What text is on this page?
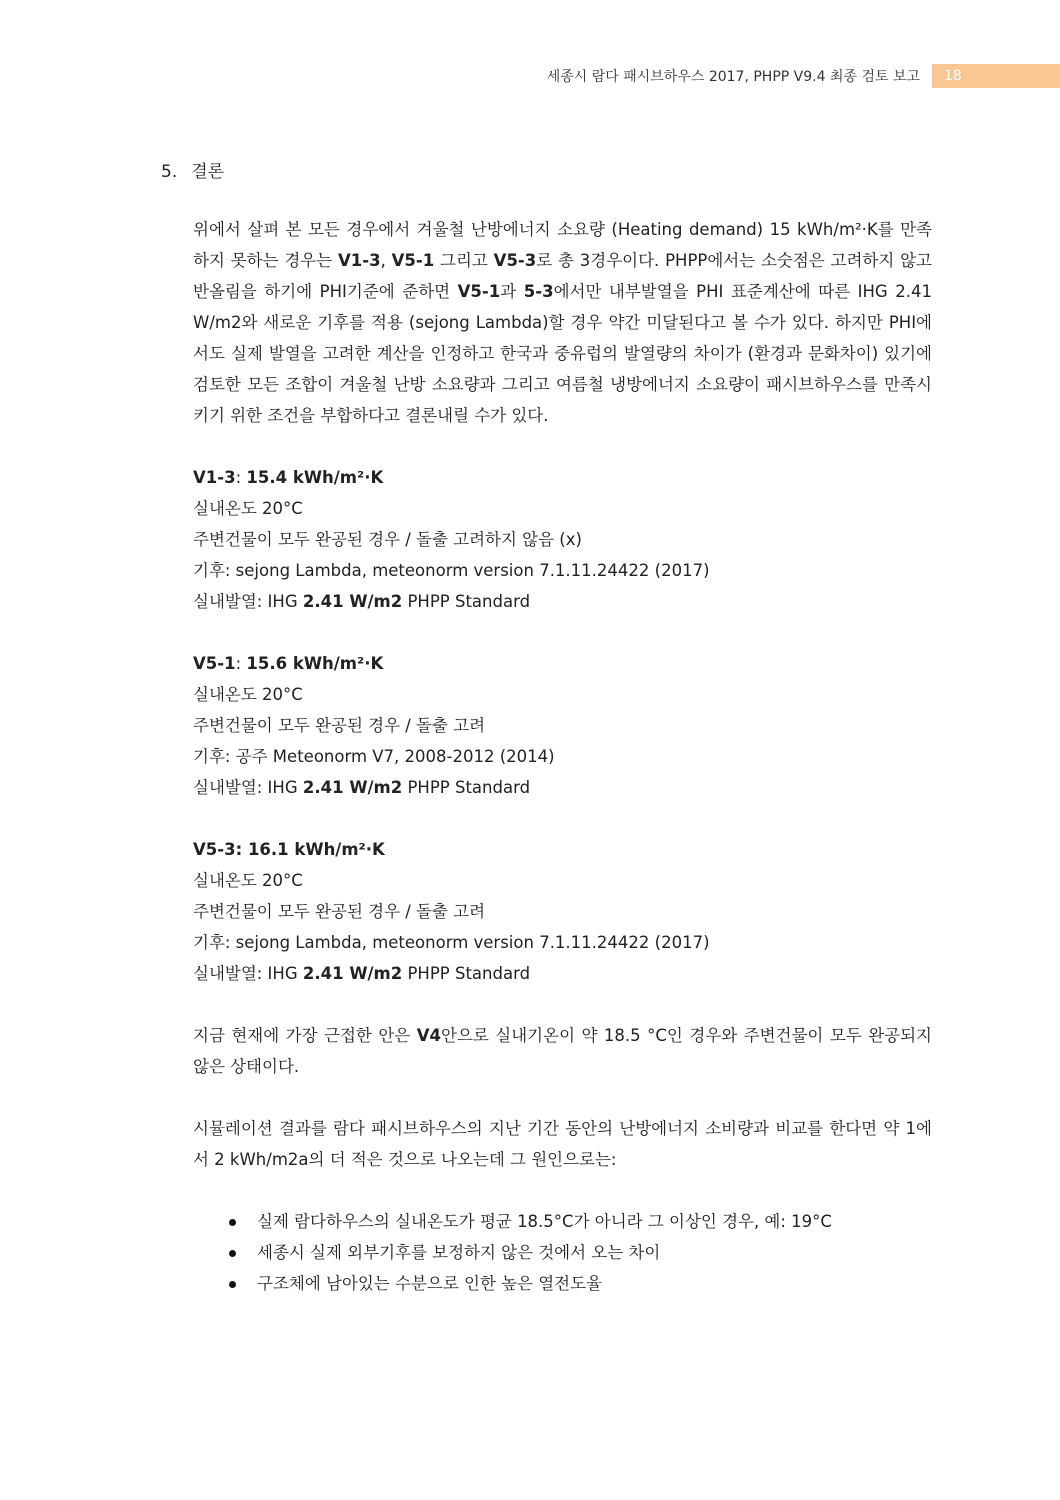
세종시 람다 패시브하우스 2017, PHPP V9.4 최종 검토 보고	18
5. 결론

위에서 살펴 본 모든 경우에서 겨울철 난방에너지 소요량 (Heating demand) 15 kWh/m²·K를 만족하지 못하는 경우는 V1-3, V5-1 그리고 V5-3로 총 3경우이다. PHPP에서는 소숫점은 고려하지 않고 반올림을 하기에 PHI기준에 준하면 V5-1과 5-3에서만 내부발열을 PHI 표준계산에 따른 IHG 2.41 W/m2와 새로운 기후를 적용 (sejong Lambda)할 경우 약간 미달된다고 볼 수가 있다. 하지만 PHI에서도 실제 발열을 고려한 계산을 인정하고 한국과 중유럽의 발열량의 차이가 (환경과 문화차이) 있기에 검토한 모든 조합이 겨울철 난방 소요량과 그리고 여름철 냉방에너지 소요량이 패시브하우스를 만족시키기 위한 조건을 부합하다고 결론내릴 수가 있다.

V1-3: 15.4 kWh/m²·K

실내온도 20°C

주변건물이 모두 완공된 경우 / 돌출 고려하지 않음 (x)

기후: sejong Lambda, meteonorm version 7.1.11.24422 (2017)

실내발열: IHG 2.41 W/m2 PHPP Standard

V5-1: 15.6 kWh/m²·K

실내온도 20°C

주변건물이 모두 완공된 경우 / 돌출 고려

기후: 공주 Meteonorm V7, 2008-2012 (2014)

실내발열: IHG 2.41 W/m2 PHPP Standard

V5-3: 16.1 kWh/m²·K

실내온도 20°C

주변건물이 모두 완공된 경우 / 돌출 고려

기후: sejong Lambda, meteonorm version 7.1.11.24422 (2017)

실내발열: IHG 2.41 W/m2 PHPP Standard

지금 현재에 가장 근접한 안은 V4안으로 실내기온이 약 18.5 °C인 경우와 주변건물이 모두 완공되지 않은 상태이다.

시뮬레이션 결과를 람다 패시브하우스의 지난 기간 동안의 난방에너지 소비량과 비교를 한다면 약 1에서 2 kWh/m2a의 더 적은 것으로 나오는데 그 원인으로는:

실제 람다하우스의 실내온도가 평균 18.5°C가 아니라 그 이상인 경우, 예: 19°C
세종시 실제 외부기후를 보정하지 않은 것에서 오는 차이
구조체에 남아있는 수분으로 인한 높은 열전도율
